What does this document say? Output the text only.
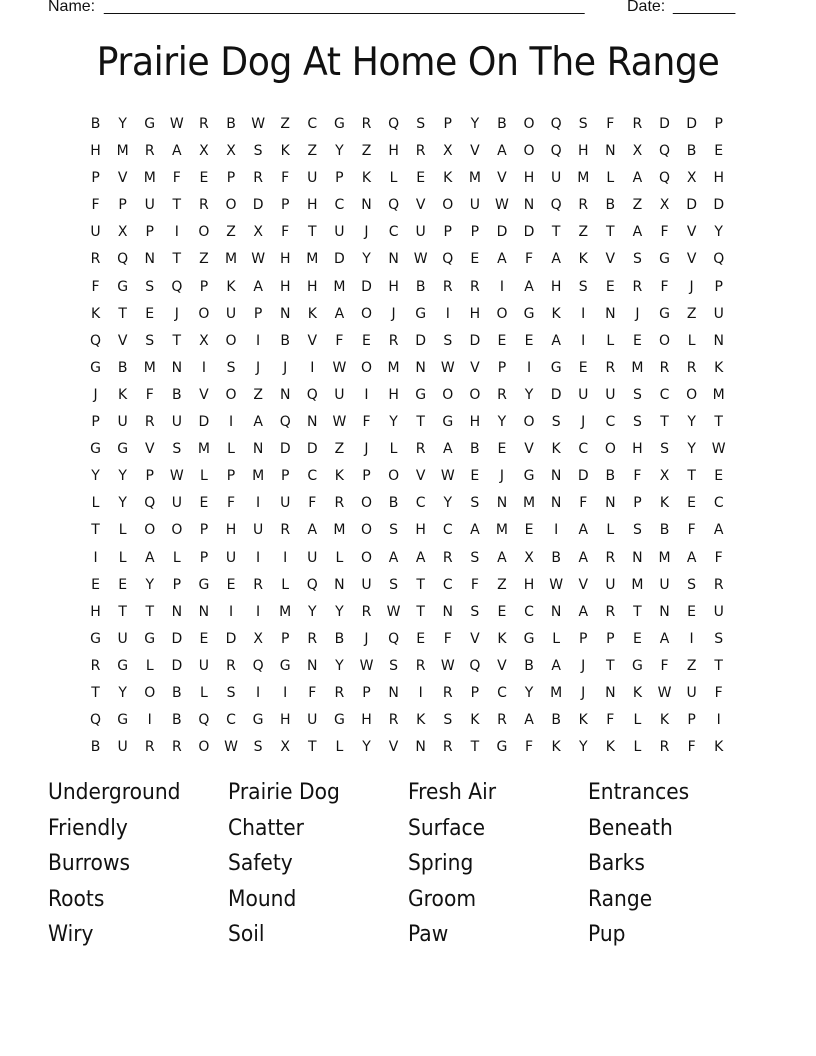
Name: ______________________________________________________	Date: _______
Prairie Dog At Home On The Range
B	Y	G	W	R	B	W	Z	C	G	R	Q	S	P	Y	B	O	Q	S	F	R	D	D	P
H	M	R	A	X	X	S	K	Z	Y	Z	H	R	X	V	A	O	Q	H	N	X	Q	B	E
P	V	M	F	E	P	R	F	U	P	K	L	E	K	M	V	H	U	M	L	A	Q	X	H
F	P	U	T	R	O	D	P	H	C	N	Q	V	O	U	W	N	Q	R	B	Z	X	D	D
U	X	P	I	O	Z	X	F	T	U	J	C	U	P	P	D	D	T	Z	T	A	F	V	Y
R	Q	N	T	Z	M	W	H	M	D	Y	N	W	Q	E	A	F	A	K	V	S	G	V	Q
F	G	S	Q	P	K	A	H	H	M	D	H	B	R	R	I	A	H	S	E	R	F	J	P
K	T	E	J	O	U	P	N	K	A	O	J	G	I	H	O	G	K	I	N	J	G	Z	U
Q	V	S	T	X	O	I	B	V	F	E	R	D	S	D	E	E	A	I	L	E	O	L	N
G	B	M	N	I	S	J	J	I	W	O	M	N	W	V	P	I	G	E	R	M	R	R	K
J	K	F	B	V	O	Z	N	Q	U	I	H	G	O	O	R	Y	D	U	U	S	C	O	M
P	U	R	U	D	I	A	Q	N	W	F	Y	T	G	H	Y	O	S	J	C	S	T	Y	T
G	G	V	S	M	L	N	D	D	Z	J	L	R	A	B	E	V	K	C	O	H	S	Y	W
Y	Y	P	W	L	P	M	P	C	K	P	O	V	W	E	J	G	N	D	B	F	X	T	E
L	Y	Q	U	E	F	I	U	F	R	O	B	C	Y	S	N	M	N	F	N	P	K	E	C
T	L	O	O	P	H	U	R	A	M	O	S	H	C	A	M	E	I	A	L	S	B	F	A
I	L	A	L	P	U	I	I	U	L	O	A	A	R	S	A	X	B	A	R	N	M	A	F
E	E	Y	P	G	E	R	L	Q	N	U	S	T	C	F	Z	H	W	V	U	M	U	S	R
H	T	T	N	N	I	I	M	Y	Y	R	W	T	N	S	E	C	N	A	R	T	N	E	U
G	U	G	D	E	D	X	P	R	B	J	Q	E	F	V	K	G	L	P	P	E	A	I	S
R	G	L	D	U	R	Q	G	N	Y	W	S	R	W	Q	V	B	A	J	T	G	F	Z	T
T	Y	O	B	L	S	I	I	F	R	P	N	I	R	P	C	Y	M	J	N	K	W	U	F
Q	G	I	B	Q	C	G	H	U	G	H	R	K	S	K	R	A	B	K	F	L	K	P	I
B	U	R	R	O	W	S	X	T	L	Y	V	N	R	T	G	F	K	Y	K	L	R	F	K
Underground	Prairie Dog	Fresh Air	Entrances
Friendly	Chatter	Surface	Beneath
Burrows	Safety	Spring	Barks
Roots	Mound	Groom	Range
Wiry	Soil	Paw	Pup
